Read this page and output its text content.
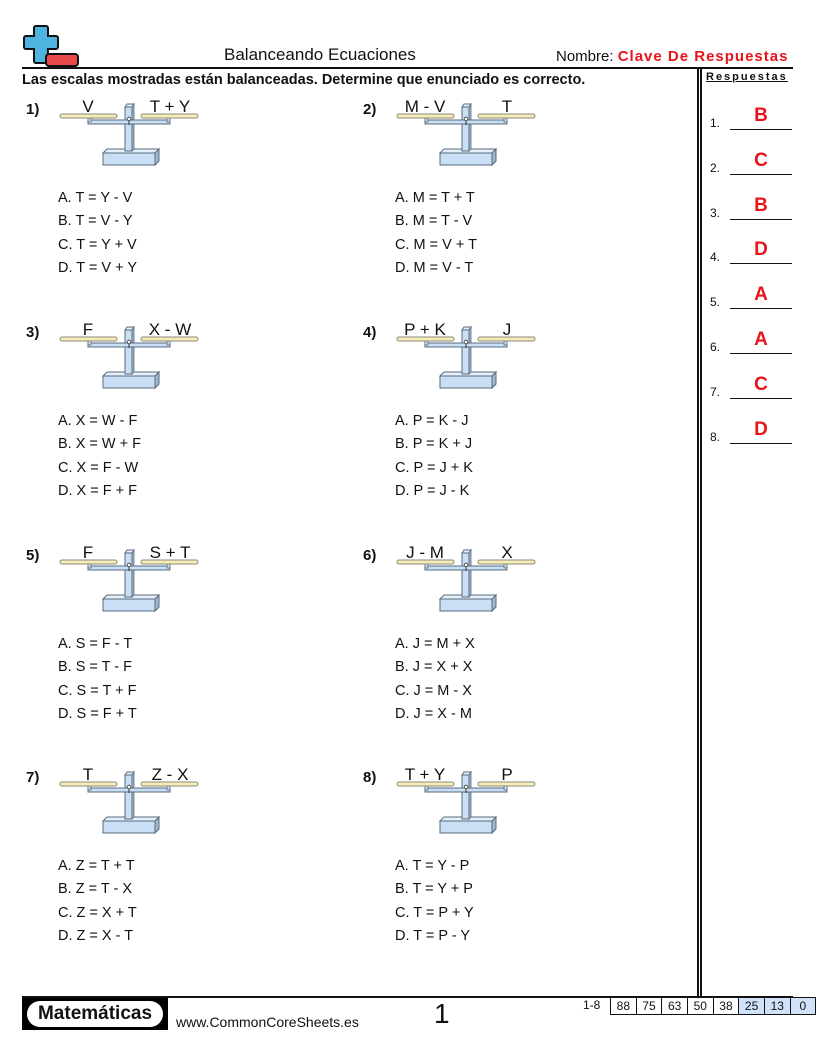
Balanceando Ecuaciones	Nombre: Clave De Respuestas
Las escalas mostradas están balanceadas. Determine que enunciado es correcto.	Respuestas
1.	B
2.	C
3.	B
4.	D
5.	A
6.	A
7.	C
8.	D
1)	V	T + Y
A. T = Y - V
B. T = V - Y
C. T = Y + V
D. T = V + Y
2)	M - V	T
A. M = T + T
B. M = T - V
C. M = V + T
D. M = V - T
3)	F	X - W
A. X = W - F
B. X = W + F
C. X = F - W
D. X = F + F
4)	P + K	J
A. P = K - J
B. P = K + J
C. P = J + K
D. P = J - K
5)	F	S + T
A. S = F - T
B. S = T - F
C. S = T + F
D. S = F + T
6)	J - M	X
A. J = M + X
B. J = X + X
C. J = M - X
D. J = X - M
7)	T	Z - X
A. Z = T + T
B. Z = T - X
C. Z = X + T
D. Z = X - T
8)	T + Y	P
A. T = Y - P
B. T = Y + P
C. T = P + Y
D. T = P - Y
Matemáticas	www.CommonCoreSheets.es	1	1-8 88	75	63	50	38	25	13	0
